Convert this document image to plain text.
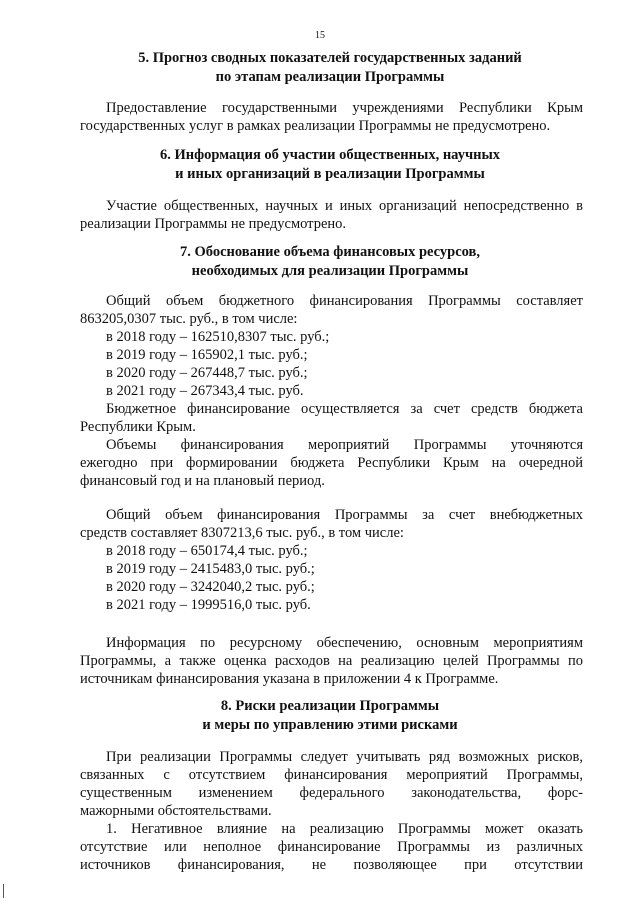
15
5. Прогноз сводных показателей государственных заданий
по этапам реализации Программы
Предоставление государственными учреждениями Республики Крым
государственных услуг в рамках реализации Программы не предусмотрено.
6. Информация об участии общественных, научных
и иных организаций в реализации Программы
Участие общественных, научных и иных организаций непосредственно в
реализации Программы не предусмотрено.
7. Обоснование объема финансовых ресурсов,
необходимых для реализации Программы
Общий объем бюджетного финансирования Программы составляет
863205,0307 тыс. руб., в том числе:
в 2018 году – 162510,8307 тыс. руб.;
в 2019 году – 165902,1 тыс. руб.;
в 2020 году – 267448,7 тыс. руб.;
в 2021 году – 267343,4 тыс. руб.
Бюджетное финансирование осуществляется за счет средств бюджета
Республики Крым.
Объемы финансирования мероприятий Программы уточняются
ежегодно при формировании бюджета Республики Крым на очередной
финансовый год и на плановый период.
Общий объем финансирования Программы за счет внебюджетных
средств составляет 8307213,6 тыс. руб., в том числе:
в 2018 году – 650174,4 тыс. руб.;
в 2019 году – 2415483,0 тыс. руб.;
в 2020 году – 3242040,2 тыс. руб.;
в 2021 году – 1999516,0 тыс. руб.
Информация по ресурсному обеспечению, основным мероприятиям
Программы, а также оценка расходов на реализацию целей Программы по
источникам финансирования указана в приложении 4 к Программе.
8. Риски реализации Программы
и меры по управлению этими рисками
При реализации Программы следует учитывать ряд возможных рисков,
связанных с отсутствием финансирования мероприятий Программы,
существенным изменением федерального законодательства, форс-
мажорными обстоятельствами.
1. Негативное влияние на реализацию Программы может оказать
отсутствие или неполное финансирование Программы из различных
источников финансирования, не позволяющее при отсутствии
